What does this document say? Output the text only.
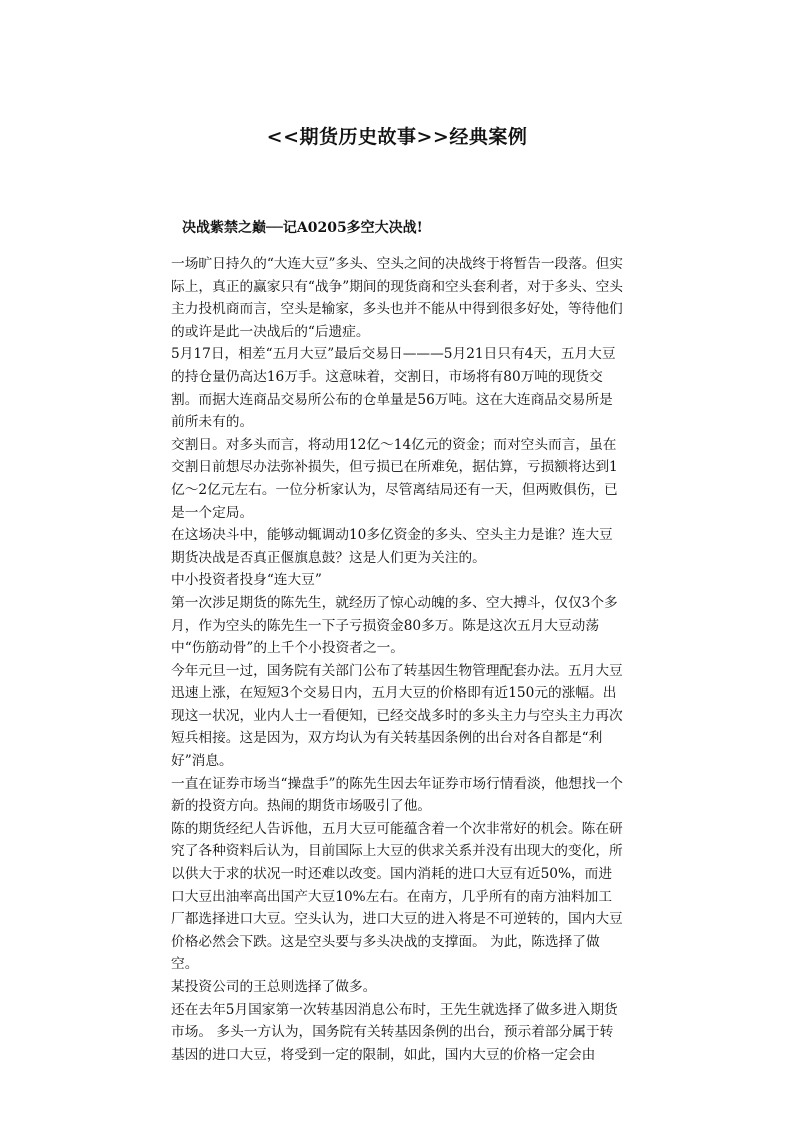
<<期货历史故事>>经典案例
决战紫禁之巅──记A0205多空大决战!

一场旷日持久的“大连大豆”多头、空头之间的决战终于将暂告一段落。但实际上，真正的赢家只有“战争”期间的现货商和空头套利者，对于多头、空头主力投机商而言，空头是输家，多头也并不能从中得到很多好处，等待他们的或许是此一决战后的“后遗症。

5月17日，相差“五月大豆”最后交易日———5月21日只有4天，五月大豆的持仓量仍高达16万手。这意味着，交割日，市场将有80万吨的现货交割。而据大连商品交易所公布的仓单量是56万吨。这在大连商品交易所是前所未有的。

交割日。对多头而言，将动用12亿～14亿元的资金；而对空头而言，虽在交割日前想尽办法弥补损失，但亏损已在所难免，据估算，亏损额将达到1亿～2亿元左右。一位分析家认为，尽管离结局还有一天，但两败俱伤，已是一个定局。

在这场决斗中，能够动辄调动10多亿资金的多头、空头主力是谁？连大豆期货决战是否真正偃旗息鼓？这是人们更为关注的。

中小投资者投身“连大豆”

第一次涉足期货的陈先生，就经历了惊心动魄的多、空大搏斗，仅仅3个多月，作为空头的陈先生一下子亏损资金80多万。陈是这次五月大豆动荡中“伤筋动骨”的上千个小投资者之一。

今年元旦一过，国务院有关部门公布了转基因生物管理配套办法。五月大豆迅速上涨，在短短3个交易日内，五月大豆的价格即有近150元的涨幅。出现这一状况，业内人士一看便知，已经交战多时的多头主力与空头主力再次短兵相接。这是因为，双方均认为有关转基因条例的出台对各自都是“利好”消息。

一直在证券市场当“操盘手”的陈先生因去年证券市场行情看淡，他想找一个新的投资方向。热闹的期货市场吸引了他。

陈的期货经纪人告诉他，五月大豆可能蕴含着一个次非常好的机会。陈在研究了各种资料后认为，目前国际上大豆的供求关系并没有出现大的变化，所以供大于求的状况一时还难以改变。国内消耗的进口大豆有近50%，而进口大豆出油率高出国产大豆10%左右。在南方，几乎所有的南方油料加工厂都选择进口大豆。空头认为，进口大豆的进入将是不可逆转的，国内大豆价格必然会下跌。这是空头要与多头决战的支撑面。 为此，陈选择了做空。

某投资公司的王总则选择了做多。

还在去年5月国家第一次转基因消息公布时，王先生就选择了做多进入期货市场。 多头一方认为，国务院有关转基因条例的出台，预示着部分属于转基因的进口大豆，将受到一定的限制，如此，国内大豆的价格一定会由
